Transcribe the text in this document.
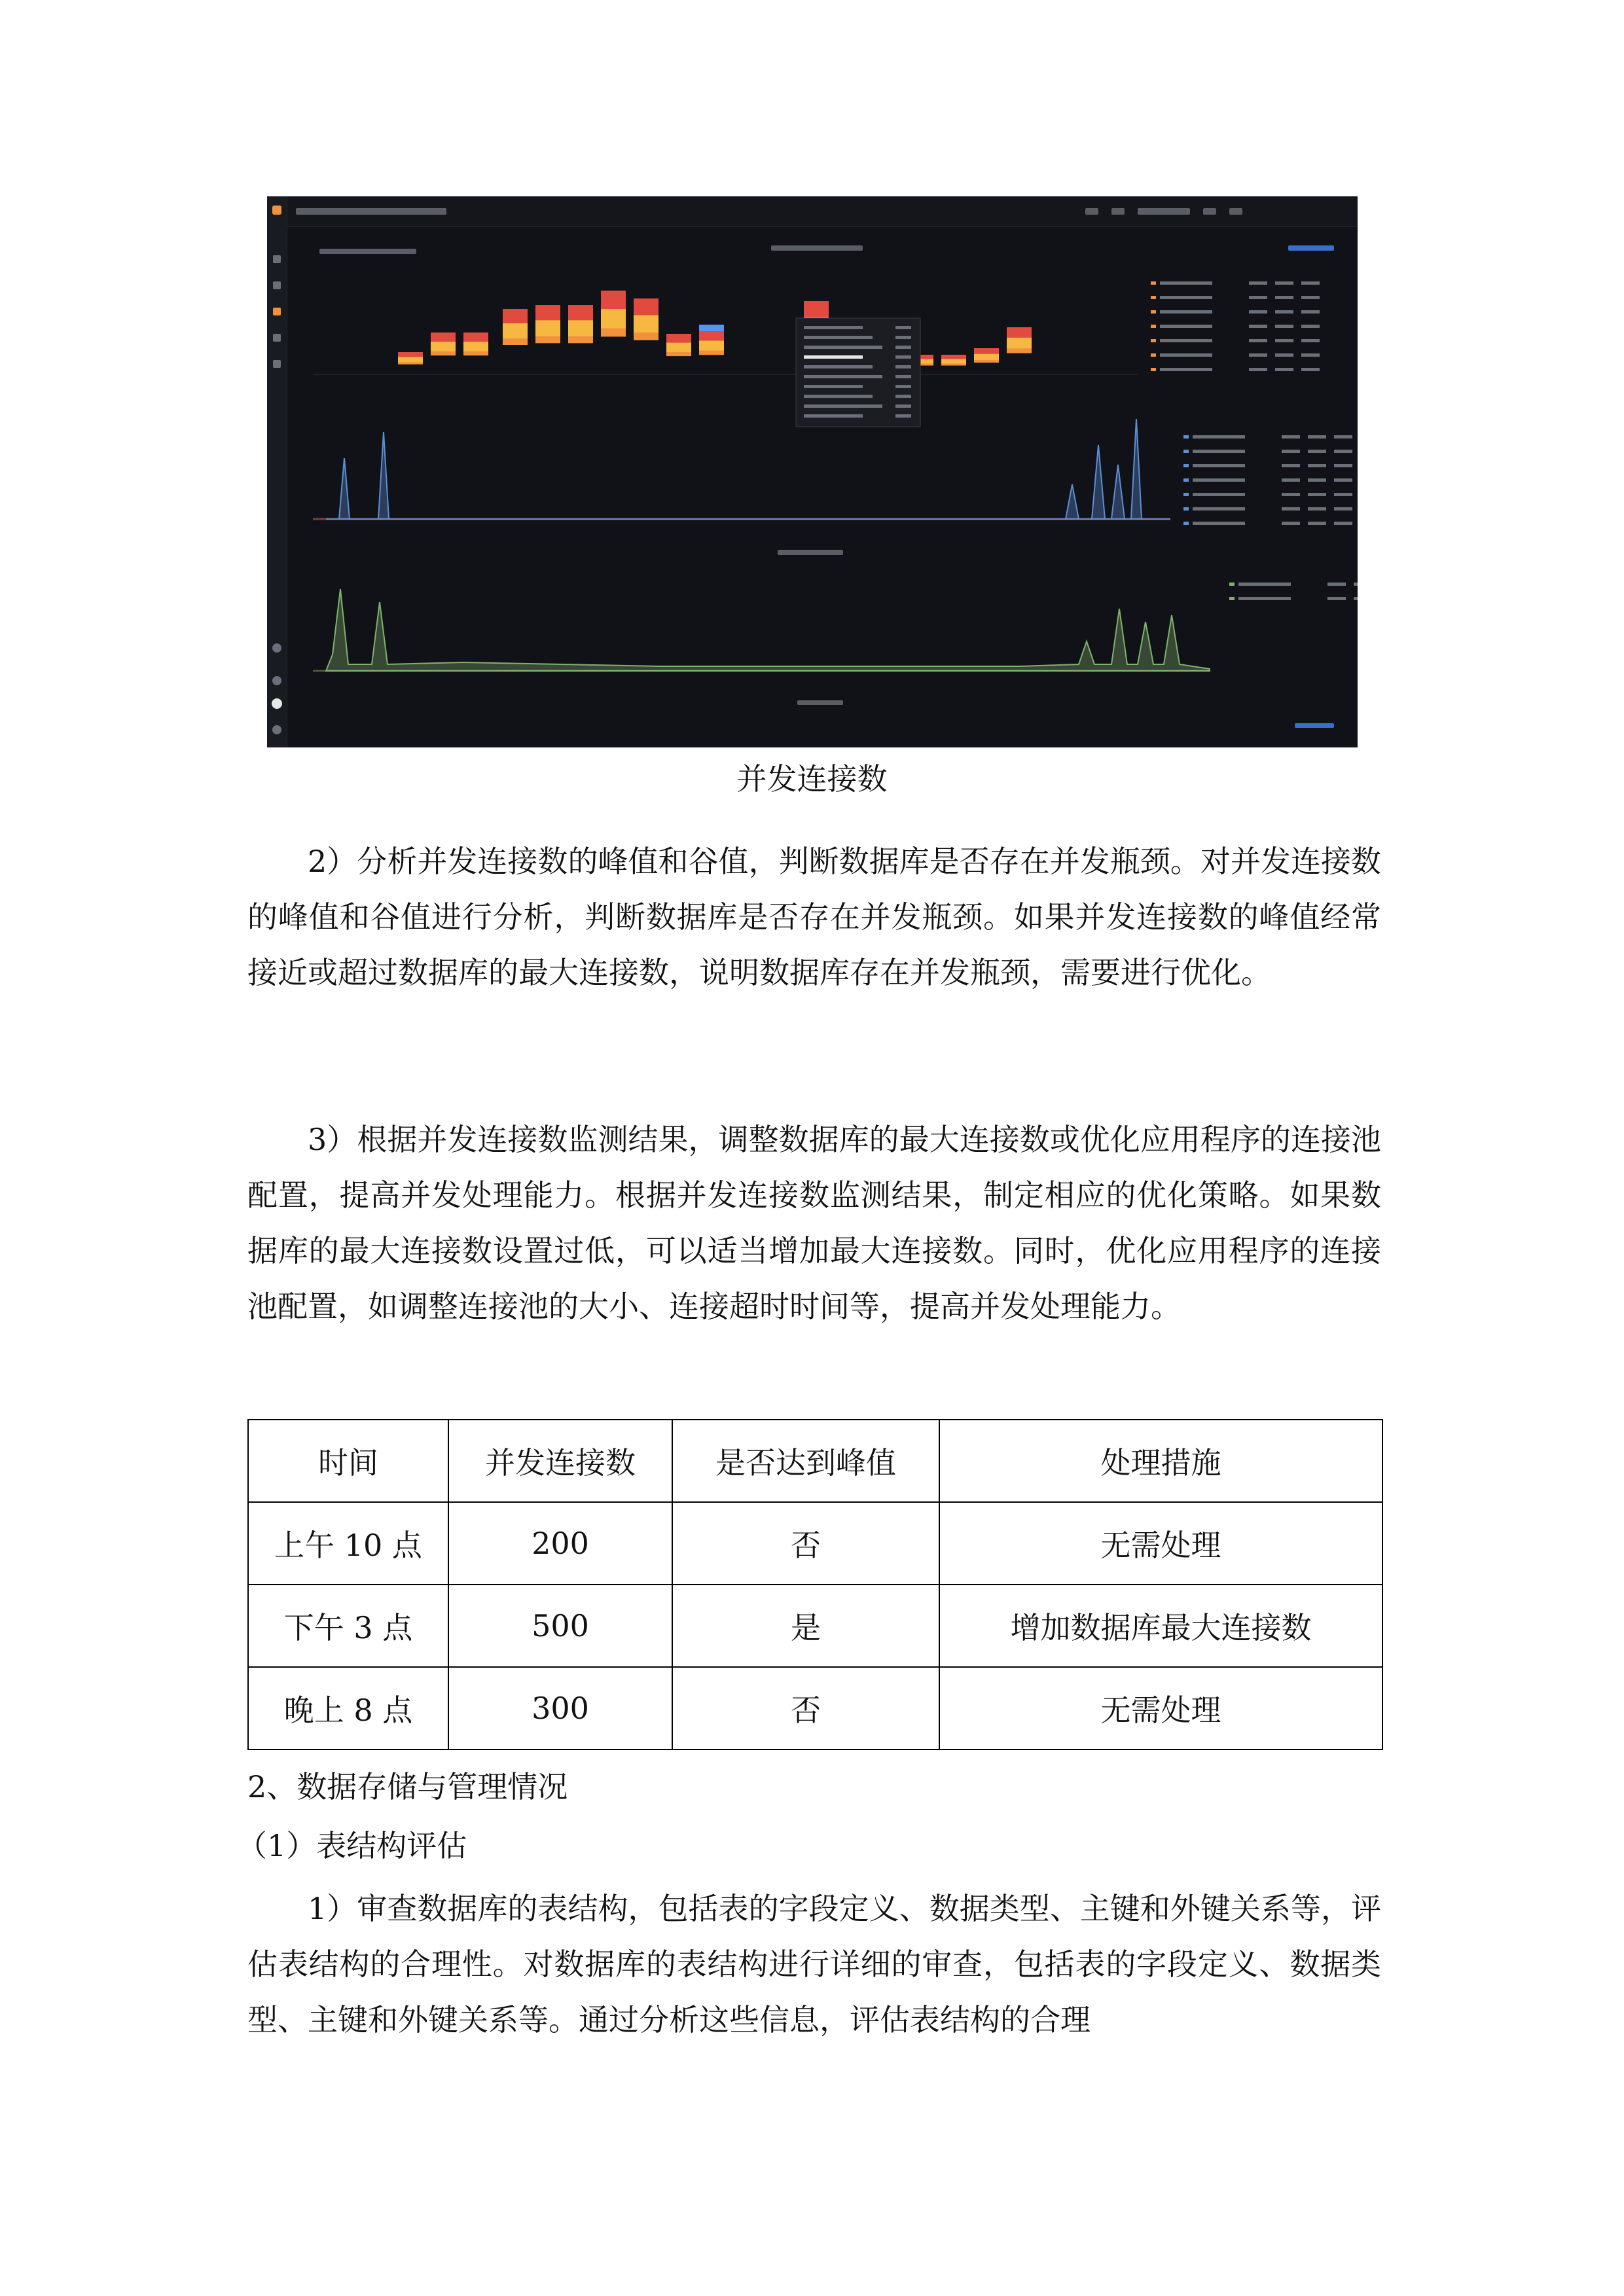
并发连接数

2）分析并发连接数的峰值和谷值，判断数据库是否存在并发瓶颈。对并发连接数的峰值和谷值进行分析，判断数据库是否存在并发瓶颈。如果并发连接数的峰值经常接近或超过数据库的最大连接数，说明数据库存在并发瓶颈，需要进行优化。

3）根据并发连接数监测结果，调整数据库的最大连接数或优化应用程序的连接池配置，提高并发处理能力。根据并发连接数监测结果，制定相应的优化策略。如果数据库的最大连接数设置过低，可以适当增加最大连接数。同时，优化应用程序的连接池配置，如调整连接池的大小、连接超时时间等，提高并发处理能力。

时间	并发连接数	是否达到峰值	处理措施
上午 10 点	200	否	无需处理
下午 3 点	500	是	增加数据库最大连接数
晚上 8 点	300	否	无需处理

2、数据存储与管理情况

（1）表结构评估

1）审查数据库的表结构，包括表的字段定义、数据类型、主键和外键关系等，评估表结构的合理性。对数据库的表结构进行详细的审查，包括表的字段定义、数据类型、主键和外键关系等。通过分析这些信息，评估表结构的合理
